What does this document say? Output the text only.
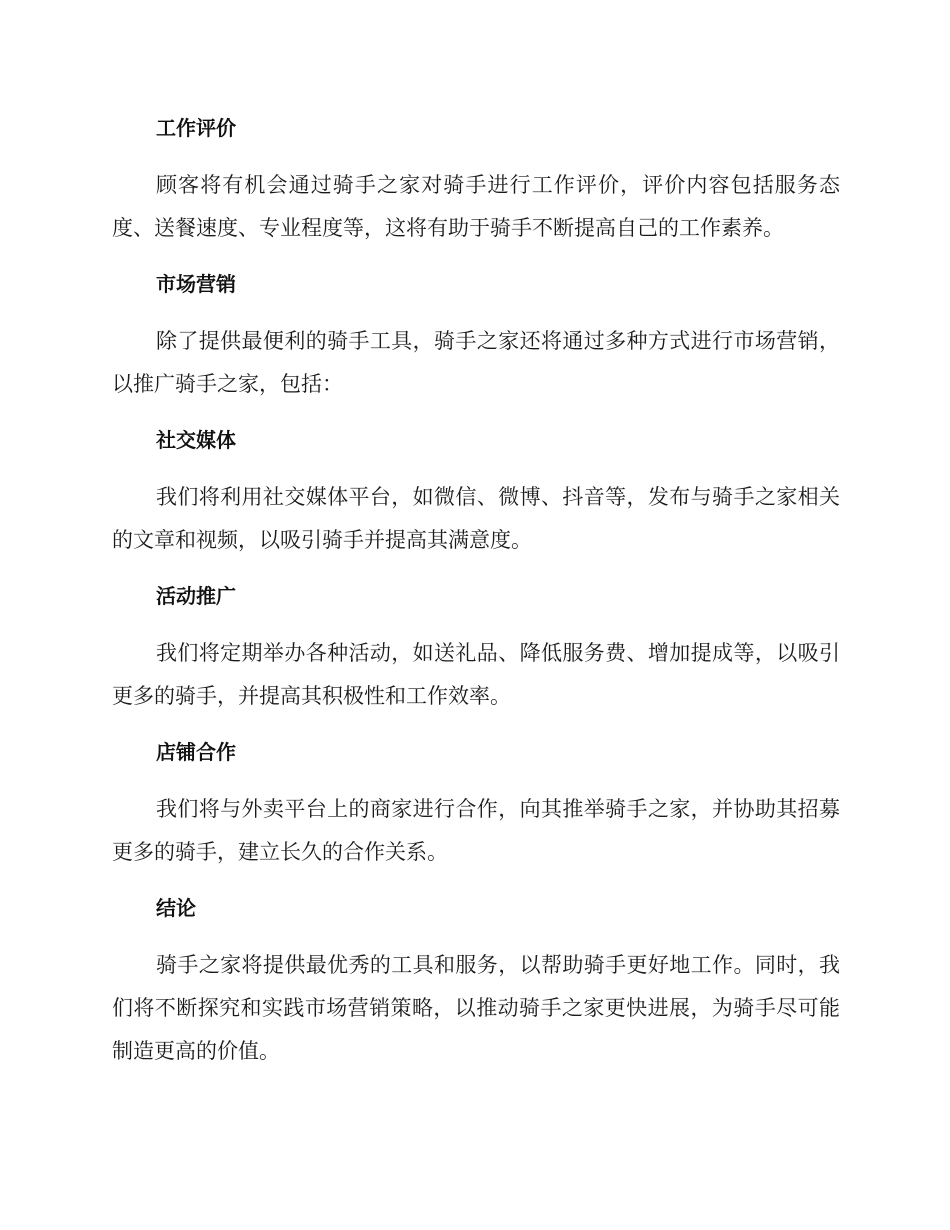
工作评价

顾客将有机会通过骑手之家对骑手进行工作评价，评价内容包括服务态度、送餐速度、专业程度等，这将有助于骑手不断提高自己的工作素养。

市场营销

除了提供最便利的骑手工具，骑手之家还将通过多种方式进行市场营销，以推广骑手之家，包括：

社交媒体

我们将利用社交媒体平台，如微信、微博、抖音等，发布与骑手之家相关的文章和视频，以吸引骑手并提高其满意度。

活动推广

我们将定期举办各种活动，如送礼品、降低服务费、增加提成等，以吸引更多的骑手，并提高其积极性和工作效率。

店铺合作

我们将与外卖平台上的商家进行合作，向其推举骑手之家，并协助其招募更多的骑手，建立长久的合作关系。

结论

骑手之家将提供最优秀的工具和服务，以帮助骑手更好地工作。同时，我们将不断探究和实践市场营销策略，以推动骑手之家更快进展，为骑手尽可能制造更高的价值。
